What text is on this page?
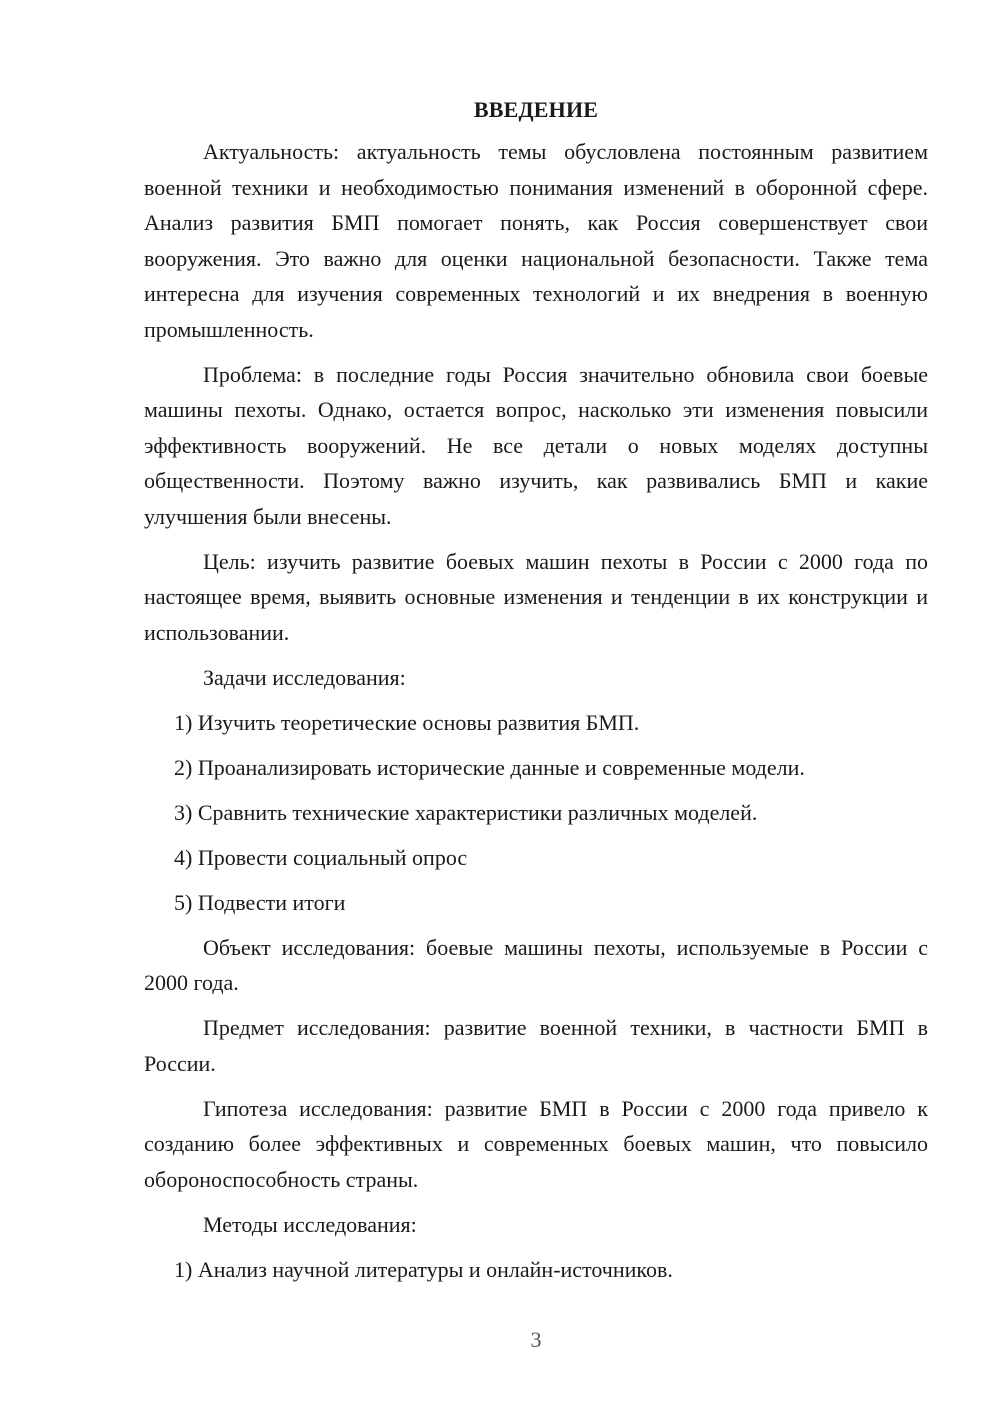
ВВЕДЕНИЕ

Актуальность: актуальность темы обусловлена постоянным развитием военной техники и необходимостью понимания изменений в оборонной сфере. Анализ развития БМП помогает понять, как Россия совершенствует свои вооружения. Это важно для оценки национальной безопасности. Также тема интересна для изучения современных технологий и их внедрения в военную промышленность.

Проблема: в последние годы Россия значительно обновила свои боевые машины пехоты. Однако, остается вопрос, насколько эти изменения повысили эффективность вооружений. Не все детали о новых моделях доступны общественности. Поэтому важно изучить, как развивались БМП и какие улучшения были внесены.

Цель: изучить развитие боевых машин пехоты в России с 2000 года по настоящее время, выявить основные изменения и тенденции в их конструкции и использовании.

Задачи исследования:

1) Изучить теоретические основы развития БМП.
2) Проанализировать исторические данные и современные модели.
3) Сравнить технические характеристики различных моделей.
4) Провести социальный опрос
5) Подвести итоги

Объект исследования: боевые машины пехоты, используемые в России с 2000 года.

Предмет исследования: развитие военной техники, в частности БМП в России.

Гипотеза исследования: развитие БМП в России с 2000 года привело к созданию более эффективных и современных боевых машин, что повысило обороноспособность страны.

Методы исследования:

1) Анализ научной литературы и онлайн-источников.
3
